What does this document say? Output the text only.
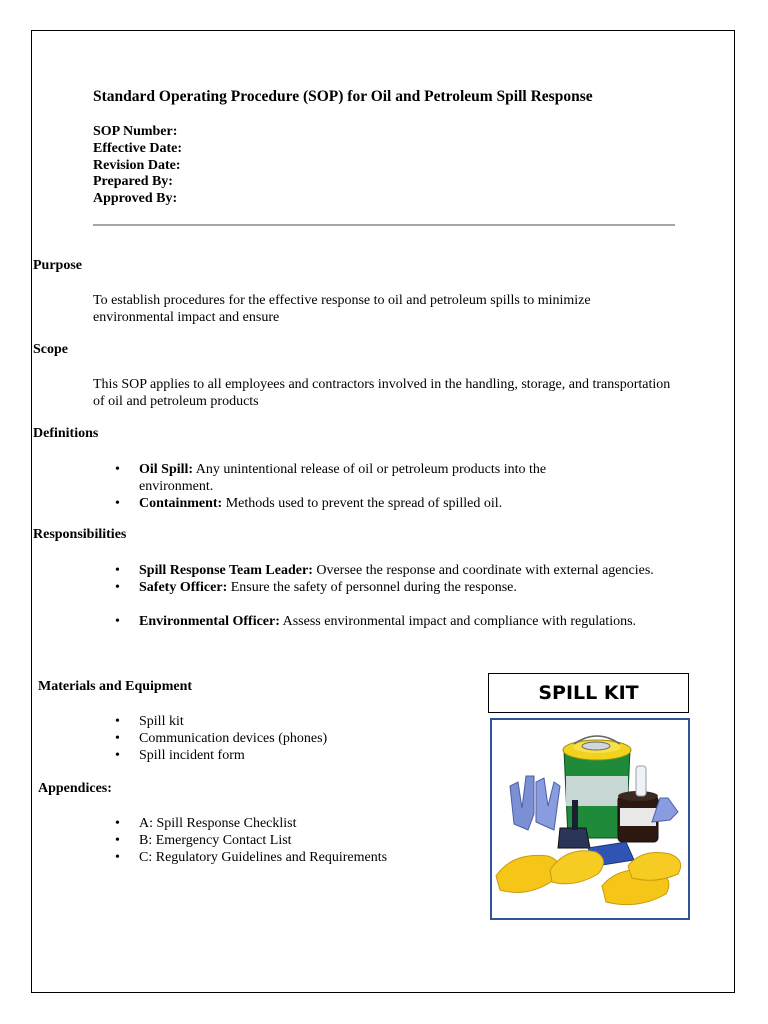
Standard Operating Procedure (SOP) for Oil and Petroleum Spill Response
SOP Number:
Effective Date:
Revision Date:
Prepared By:
Approved By:
Purpose
To establish procedures for the effective response to oil and petroleum spills to minimize environmental impact and ensure
Scope
This SOP applies to all employees and contractors involved in the handling, storage, and transportation of oil and petroleum products
Definitions
• Oil Spill: Any unintentional release of oil or petroleum products into the environment.
• Containment: Methods used to prevent the spread of spilled oil.
Responsibilities
• Spill Response Team Leader: Oversee the response and coordinate with external agencies.
• Safety Officer: Ensure the safety of personnel during the response.
• Environmental Officer: Assess environmental impact and compliance with regulations.
Materials and Equipment
• Spill kit
• Communication devices (phones)
• Spill incident form
Appendices:
• A: Spill Response Checklist
• B: Emergency Contact List
• C: Regulatory Guidelines and Requirements
SPILL KIT
